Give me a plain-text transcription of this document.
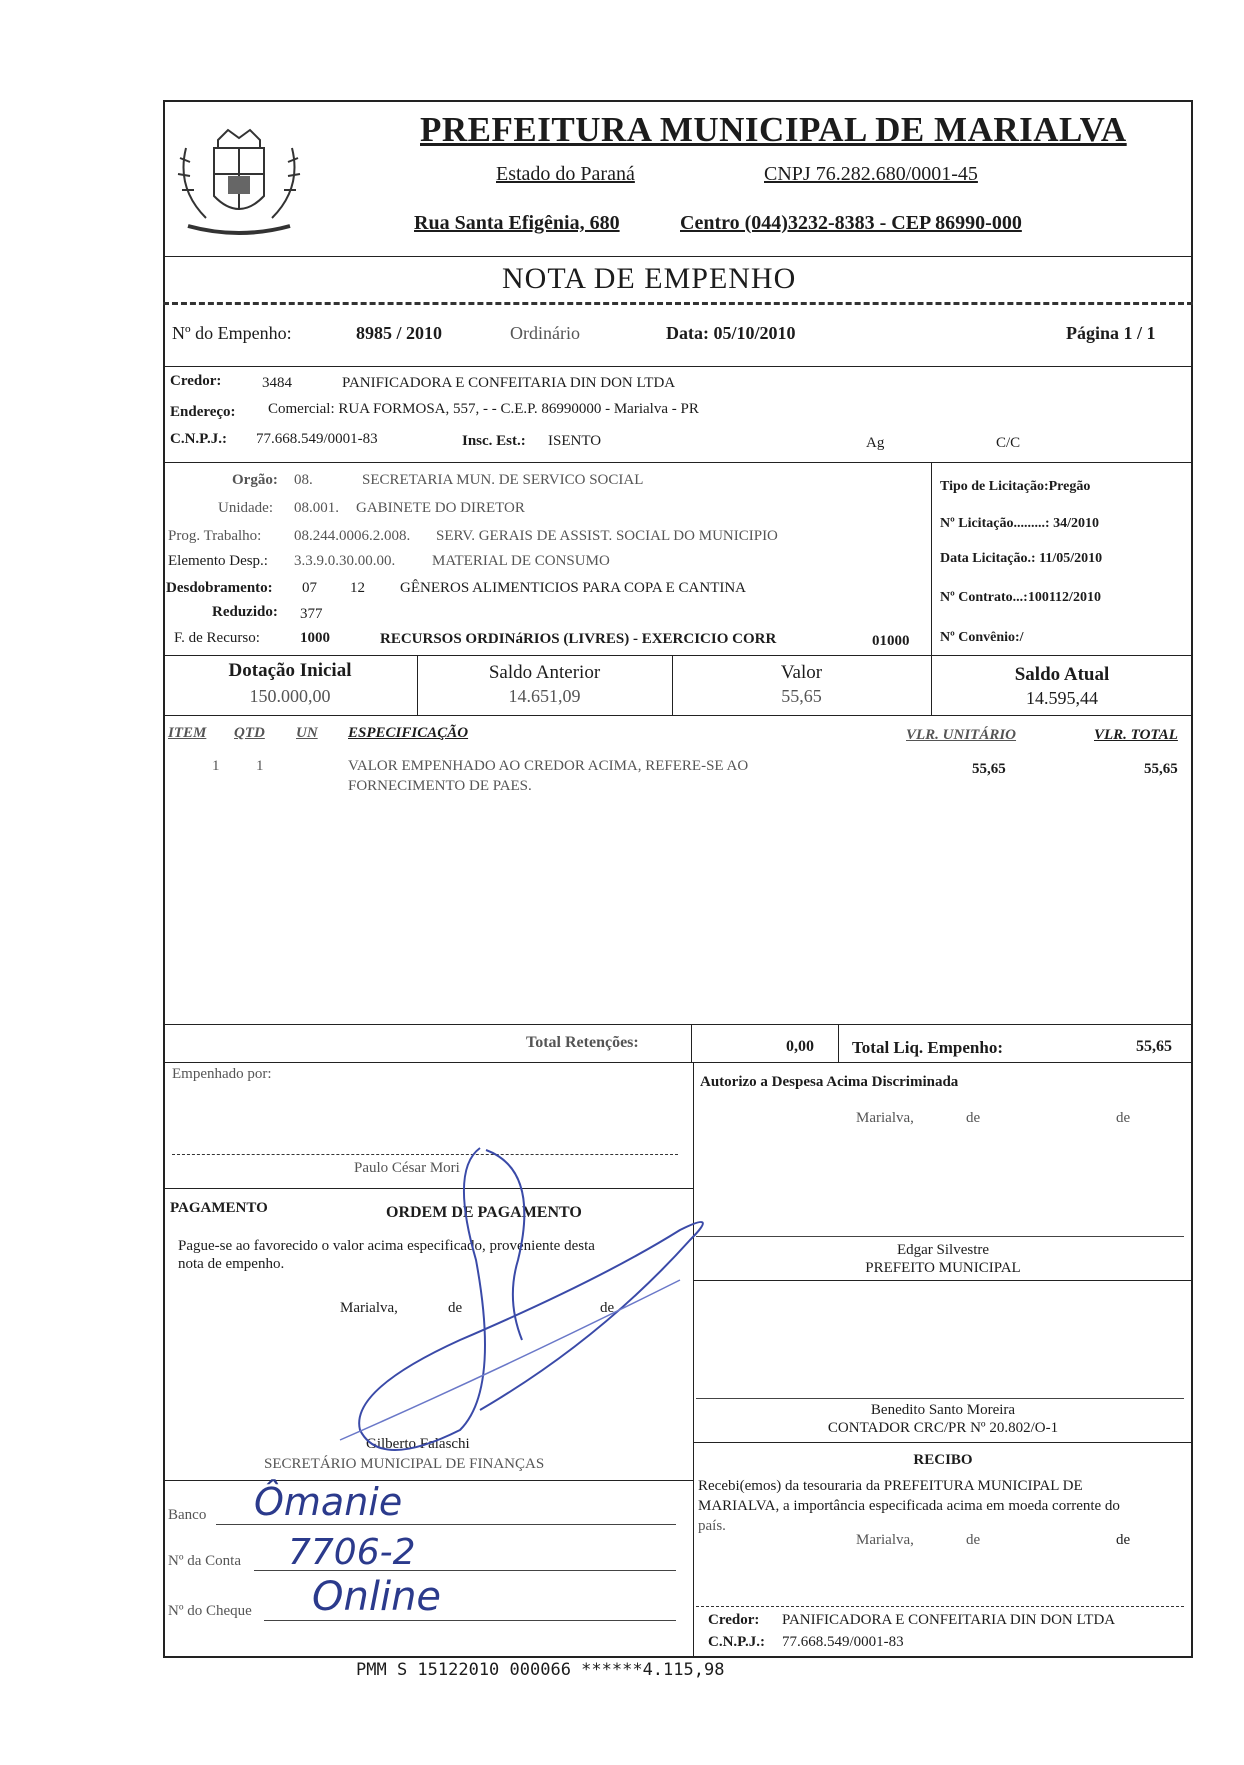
PREFEITURA MUNICIPAL DE MARIALVA
Estado do Paraná	CNPJ 76.282.680/0001-45
Rua Santa Efigênia, 680	Centro (044)3232-8383 - CEP 86990-000
NOTA DE EMPENHO
Nº do Empenho:	8985 / 2010	Ordinário	Data: 05/10/2010	Página 1 / 1
Credor:	3484	PANIFICADORA E CONFEITARIA DIN DON LTDA
Endereço: Comercial: RUA FORMOSA, 557, - - C.E.P. 86990000 - Marialva - PR
C.N.P.J.: 77.668.549/0001-83	Insc. Est.: ISENTO	Ag	C/C
Orgão: 08.	SECRETARIA MUN. DE SERVICO SOCIAL
Unidade: 08.001. GABINETE DO DIRETOR
Prog. Trabalho: 08.244.0006.2.008. SERV. GERAIS DE ASSIST. SOCIAL DO MUNICIPIO
Elemento Desp.: 3.3.9.0.30.00.00. MATERIAL DE CONSUMO
Desdobramento: 07 12 GÊNEROS ALIMENTICIOS PARA COPA E CANTINA
Reduzido: 377
F. de Recurso:	1000	RECURSOS ORDINáRIOS (LIVRES) - EXERCICIO CORR	01000
Tipo de Licitação:Pregão
Nº Licitação.........: 34/2010
Data Licitação.: 11/05/2010
Nº Contrato...:100112/2010
Nº Convênio:/
Dotação Inicial
150.000,00
Saldo Anterior
14.651,09
Valor
55,65
Saldo Atual
14.595,44
ITEM QTD UN ESPECIFICAÇÃO	VLR. UNITÁRIO	VLR. TOTAL
1 1	VALOR EMPENHADO AO CREDOR ACIMA, REFERE-SE AO
FORNECIMENTO DE PAES.
55,65	55,65
Total Retenções:	0,00 Total Liq. Empenho:	55,65
Empenhado por:
Paulo César Mori
PAGAMENTO	ORDEM DE PAGAMENTO
Pague-se ao favorecido o valor acima especificado, proveniente desta
nota de empenho.
Marialva,	de	de
Gilberto Falaschi
SECRETÁRIO MUNICIPAL DE FINANÇAS
Banco Ômanie
Nº da Conta 7706-2
Nº do Cheque Online
Autorizo a Despesa Acima Discriminada
Marialva,	de	de
Edgar Silvestre
PREFEITO MUNICIPAL
Benedito Santo Moreira
CONTADOR CRC/PR Nº 20.802/O-1
RECIBO
Recebi(emos) da tesouraria da PREFEITURA MUNICIPAL DE
MARIALVA, a importância especificada acima em moeda corrente do
país.
Marialva,	de	de
Credor: PANIFICADORA E CONFEITARIA DIN DON LTDA
C.N.P.J.: 77.668.549/0001-83
PMM S 15122010 000066 ******4.115,98
